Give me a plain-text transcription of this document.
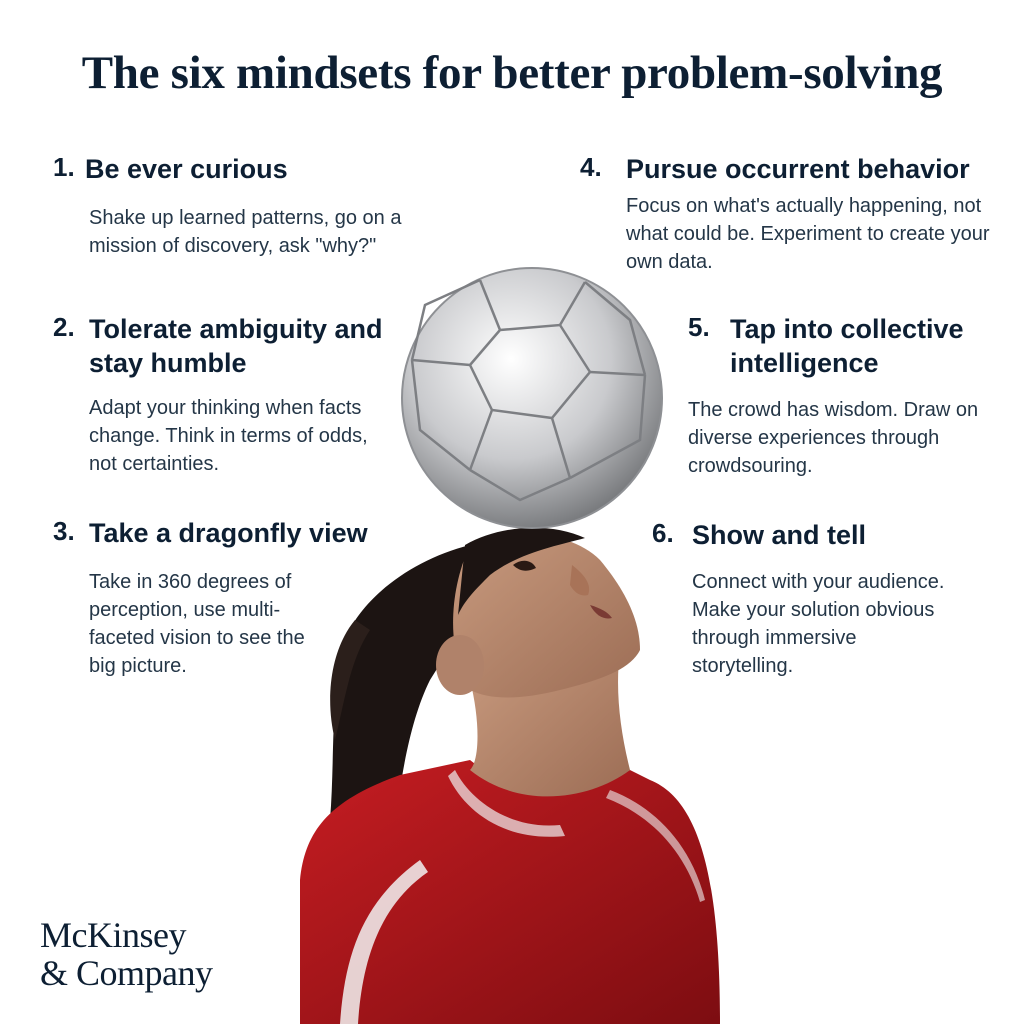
The six mindsets for better problem-solving
1. Be ever curious

Shake up learned patterns, go on a mission of discovery, ask "why?"

2. Tolerate ambiguity and stay humble

Adapt your thinking when facts change. Think in terms of odds, not certainties.

3. Take a dragonfly view

Take in 360 degrees of perception, use multi-faceted vision to see the big picture.

4. Pursue occurrent behavior

Focus on what's actually happening, not what could be. Experiment to create your own data.

5. Tap into collective intelligence

The crowd has wisdom. Draw on diverse experiences through crowdsouring.

6. Show and tell

Connect with your audience. Make your solution obvious through immersive storytelling.

McKinsey
& Company
